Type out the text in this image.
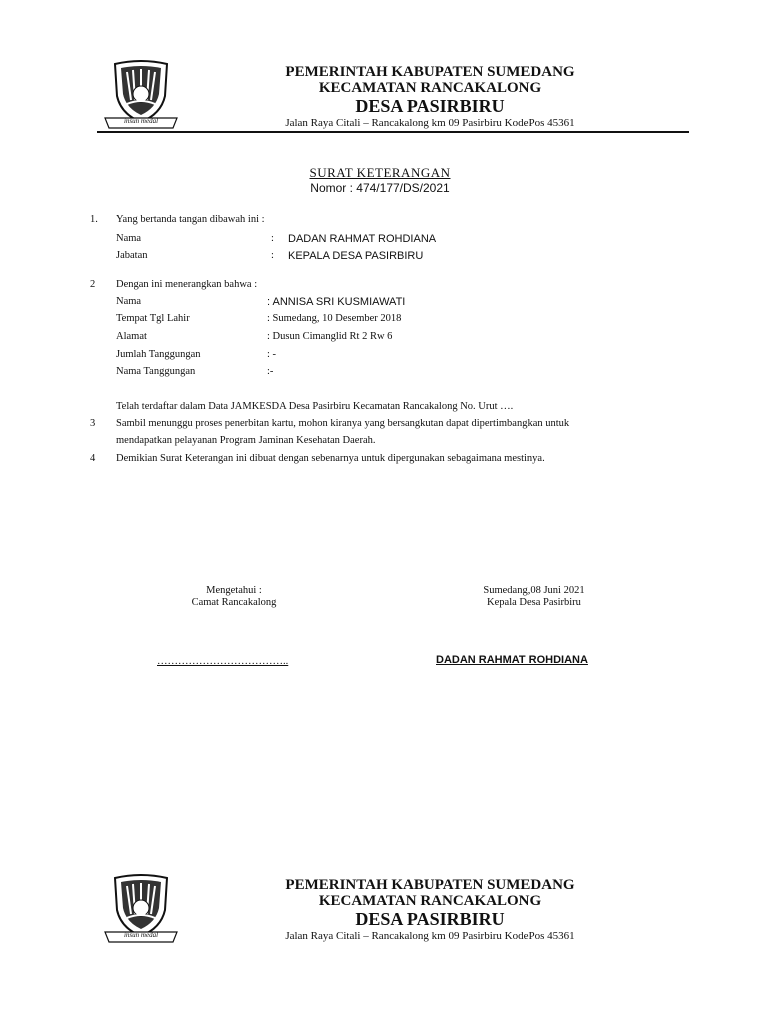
insun medal
PEMERINTAH KABUPATEN SUMEDANG
KECAMATAN RANCAKALONG
DESA PASIRBIRU
Jalan Raya Citali – Rancakalong km 09 Pasirbiru KodePos 45361
SURAT KETERANGAN
Nomor : 474/177/DS/2021
1. Yang bertanda tangan dibawah ini :
Nama	: DADAN RAHMAT ROHDIANA
Jabatan	: KEPALA DESA PASIRBIRU
2 Dengan ini menerangkan bahwa :
Nama	: ANNISA SRI KUSMIAWATI
Tempat Tgl Lahir	: Sumedang, 10 Desember 2018
Alamat	: Dusun Cimanglid Rt 2 Rw 6
Jumlah Tanggungan	: -
Nama Tanggungan	:-
Telah terdaftar dalam Data JAMKESDA Desa Pasirbiru Kecamatan Rancakalong No. Urut ….
3 Sambil menunggu proses penerbitan kartu, mohon kiranya yang bersangkutan dapat dipertimbangkan untuk
mendapatkan pelayanan Program Jaminan Kesehatan Daerah.
4 Demikian Surat Keterangan ini dibuat dengan sebenarnya untuk dipergunakan sebagaimana mestinya.
Mengetahui :
Camat Rancakalong
………………………………..
Sumedang,08 Juni 2021
Kepala Desa Pasirbiru
DADAN RAHMAT ROHDIANA
insun medal
PEMERINTAH KABUPATEN SUMEDANG
KECAMATAN RANCAKALONG
DESA PASIRBIRU
Jalan Raya Citali – Rancakalong km 09 Pasirbiru KodePos 45361
